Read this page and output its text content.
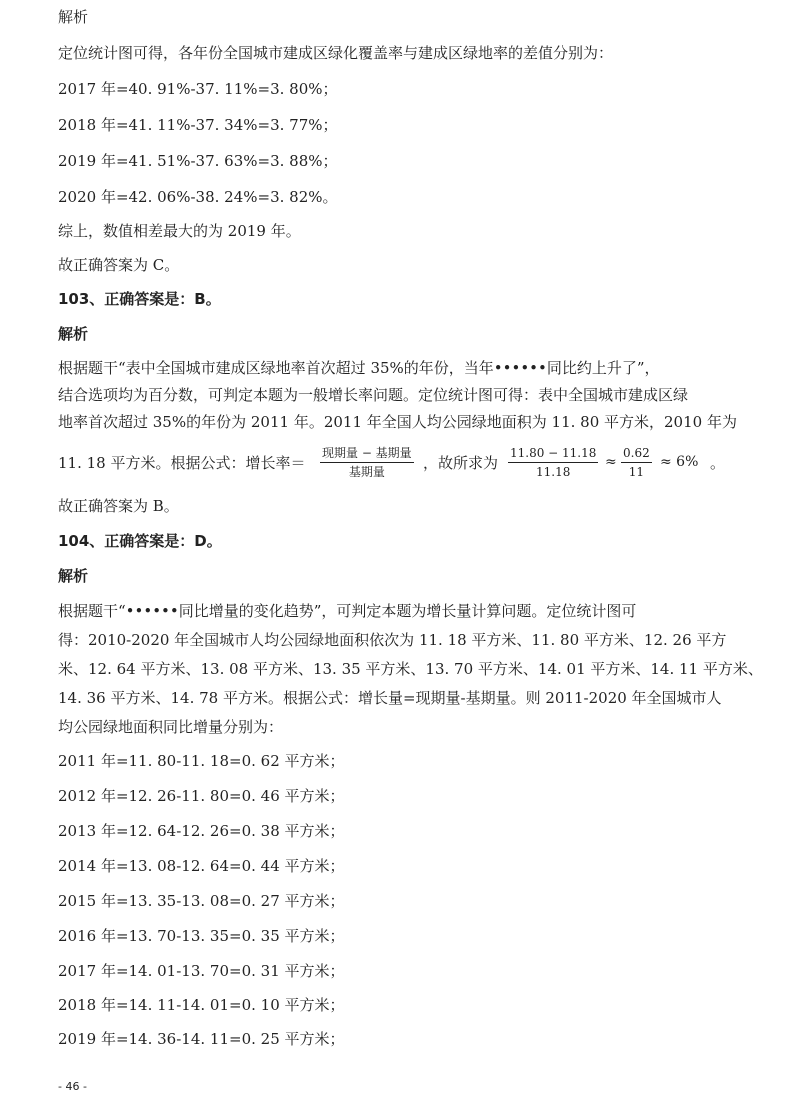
解析
定位统计图可得，各年份全国城市建成区绿化覆盖率与建成区绿地率的差值分别为：
2017 年=40. 91%-37. 11%=3. 80%；
2018 年=41. 11%-37. 34%=3. 77%；
2019 年=41. 51%-37. 63%=3. 88%；
2020 年=42. 06%-38. 24%=3. 82%。
综上，数值相差最大的为 2019 年。
故正确答案为 C。
103、正确答案是：B。
解析
根据题干“表中全国城市建成区绿地率首次超过 35%的年份，当年••••••同比约上升了”，
结合选项均为百分数，可判定本题为一般增长率问题。定位统计图可得：表中全国城市建成区绿
地率首次超过 35%的年份为 2011 年。2011 年全国人均公园绿地面积为 11. 80 平方米，2010 年为
11. 18 平方米。根据公式：增长率＝ $\frac{\text{现期量 − 基期量}}{\text{基期量}}$ ，故所求为 $\frac{11.80 - 11.18}{11.18} \approx \frac{0.62}{11} \approx 6\%$ 。
故正确答案为 B。
104、正确答案是：D。
解析
根据题干“••••••同比增量的变化趋势”，可判定本题为增长量计算问题。定位统计图可
得：2010-2020 年全国城市人均公园绿地面积依次为 11. 18 平方米、11. 80 平方米、12. 26 平方
米、12. 64 平方米、13. 08 平方米、13. 35 平方米、13. 70 平方米、14. 01 平方米、14. 11 平方米、
14. 36 平方米、14. 78 平方米。根据公式：增长量=现期量-基期量。则 2011-2020 年全国城市人
均公园绿地面积同比增量分别为：
2011 年=11. 80-11. 18=0. 62 平方米；
2012 年=12. 26-11. 80=0. 46 平方米；
2013 年=12. 64-12. 26=0. 38 平方米；
2014 年=13. 08-12. 64=0. 44 平方米；
2015 年=13. 35-13. 08=0. 27 平方米；
2016 年=13. 70-13. 35=0. 35 平方米；
2017 年=14. 01-13. 70=0. 31 平方米；
2018 年=14. 11-14. 01=0. 10 平方米；
2019 年=14. 36-14. 11=0. 25 平方米；
- 46 -
